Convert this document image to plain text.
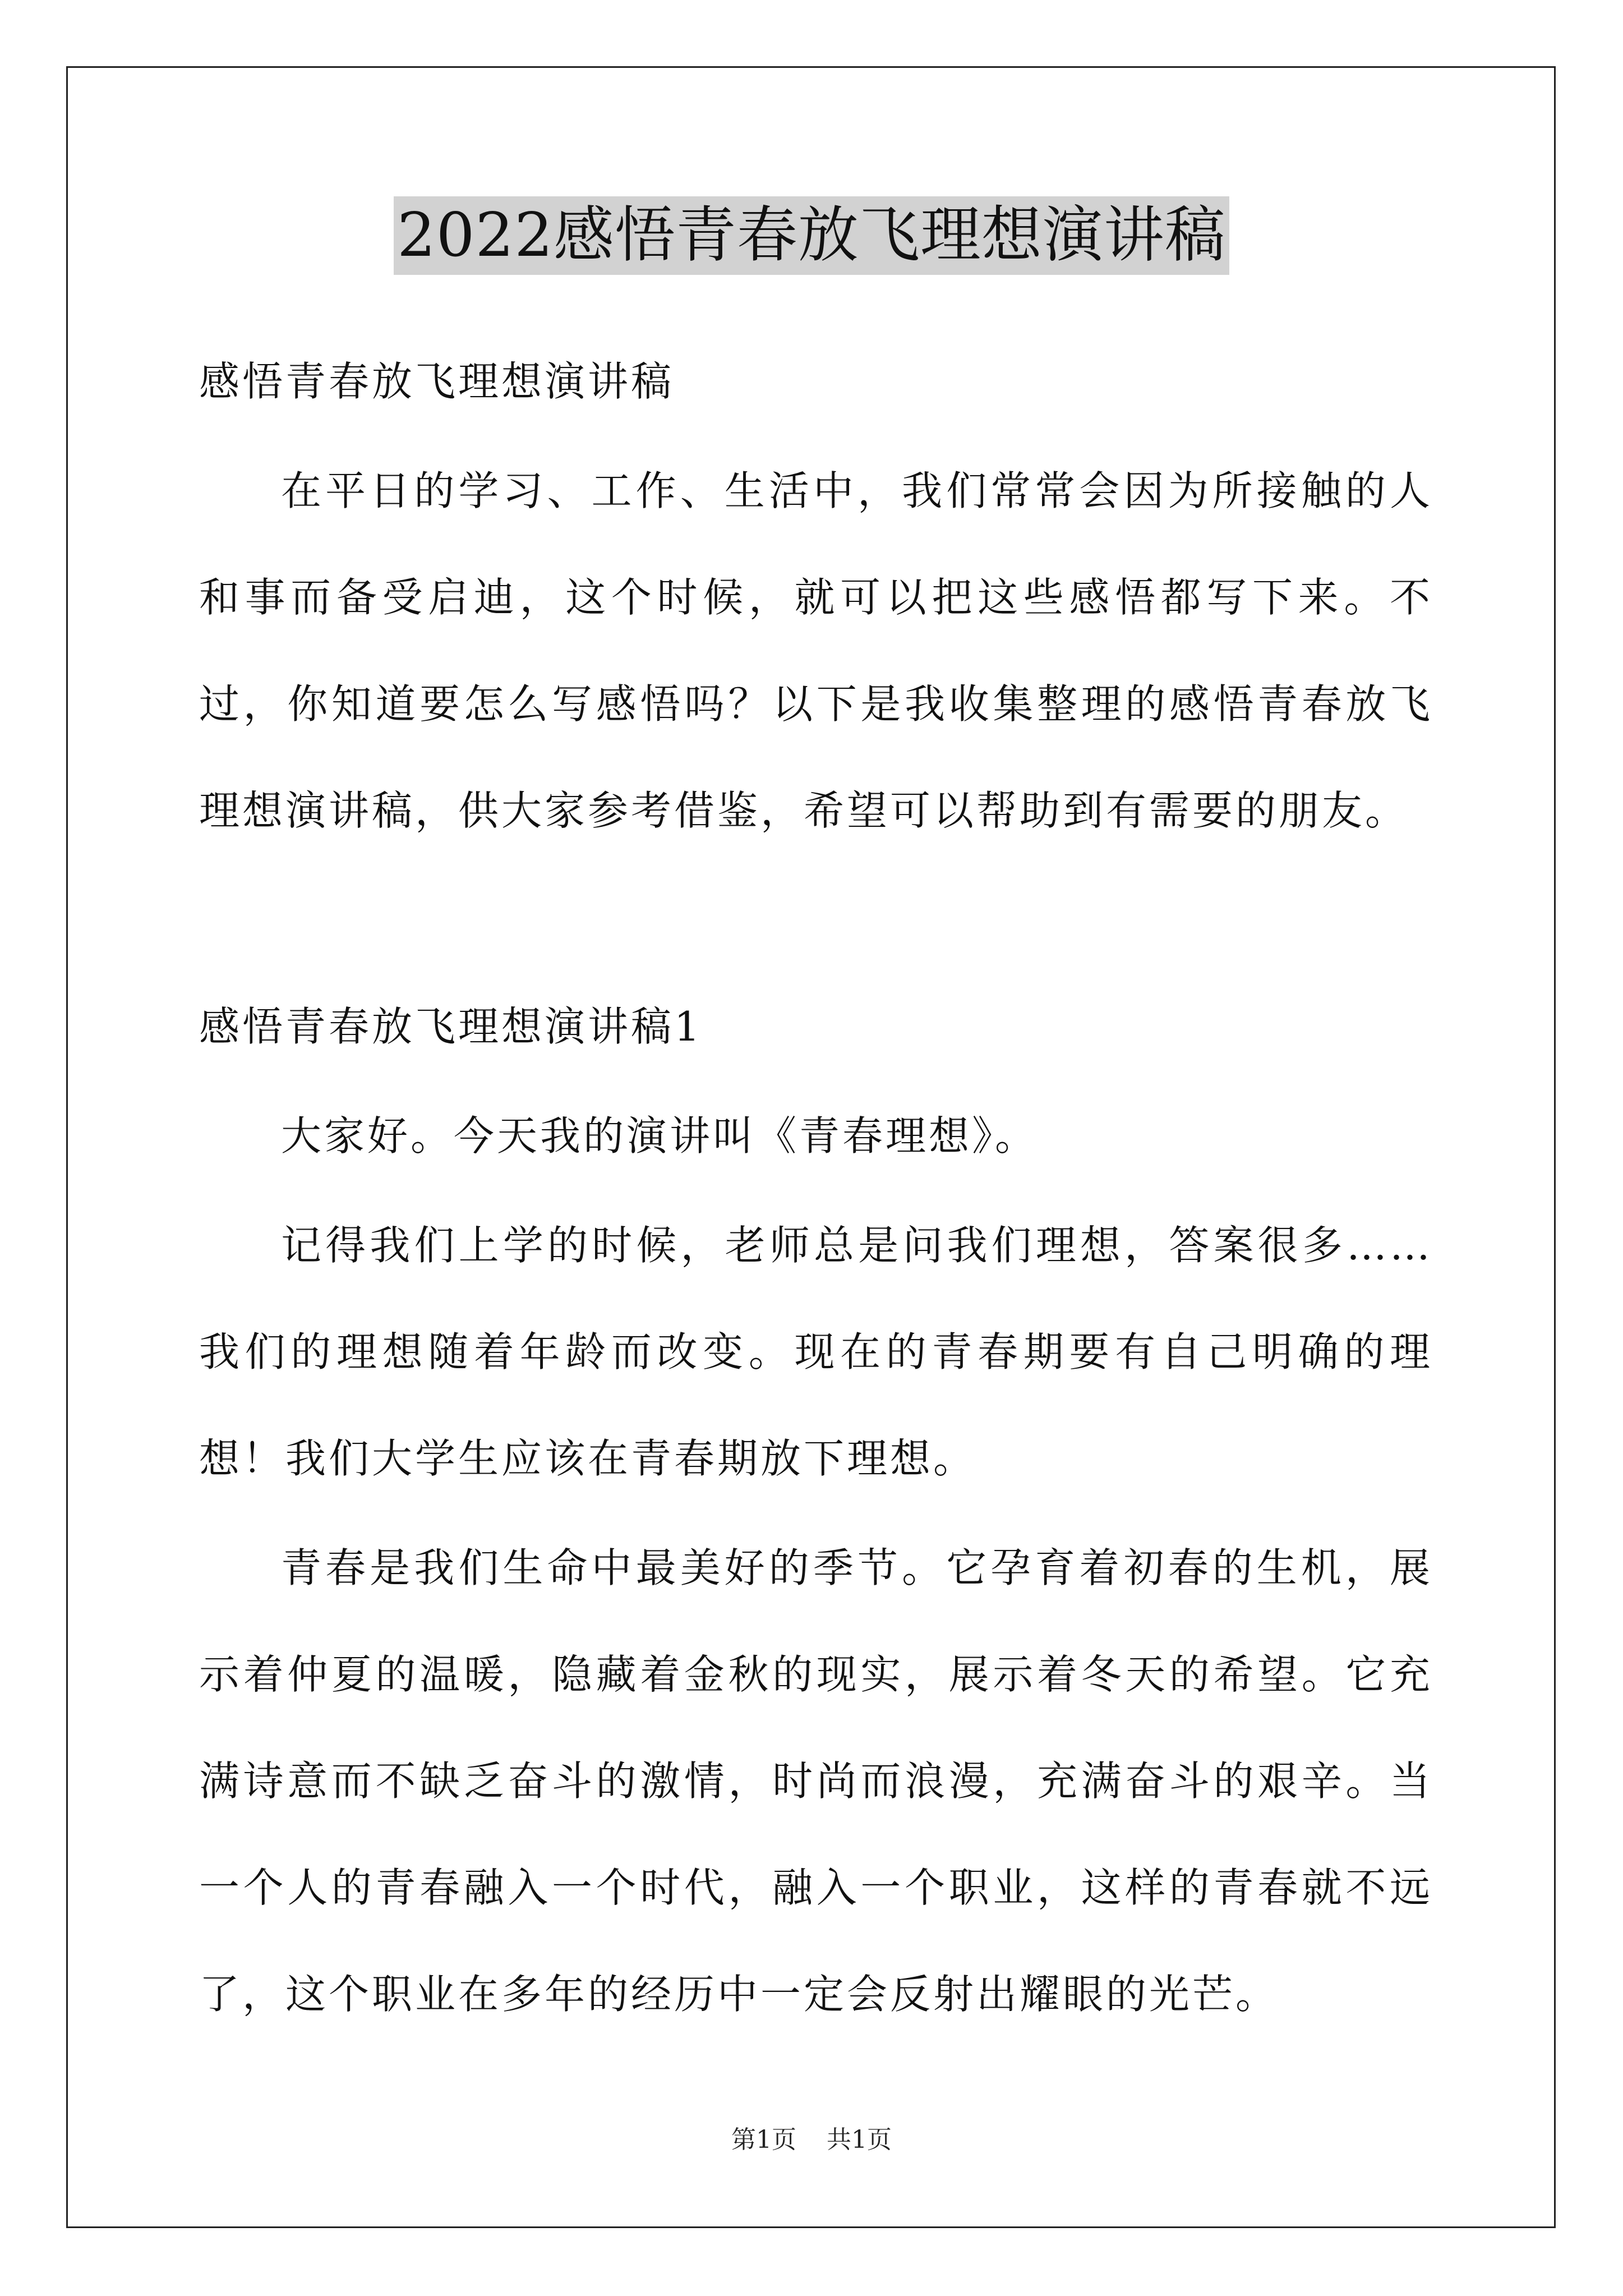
2022感悟青春放飞理想演讲稿

感悟青春放飞理想演讲稿

在平日的学习、工作、生活中，我们常常会因为所接触的人和事而备受启迪，这个时候，就可以把这些感悟都写下来。不过，你知道要怎么写感悟吗？以下是我收集整理的感悟青春放飞理想演讲稿，供大家参考借鉴，希望可以帮助到有需要的朋友。

感悟青春放飞理想演讲稿1

大家好。今天我的演讲叫《青春理想》。

记得我们上学的时候，老师总是问我们理想，答案很多……我们的理想随着年龄而改变。现在的青春期要有自己明确的理想！我们大学生应该在青春期放下理想。

青春是我们生命中最美好的季节。它孕育着初春的生机，展示着仲夏的温暖，隐藏着金秋的现实，展示着冬天的希望。它充满诗意而不缺乏奋斗的激情，时尚而浪漫，充满奋斗的艰辛。当一个人的青春融入一个时代，融入一个职业，这样的青春就不远了，这个职业在多年的经历中一定会反射出耀眼的光芒。

第1页 共1页
